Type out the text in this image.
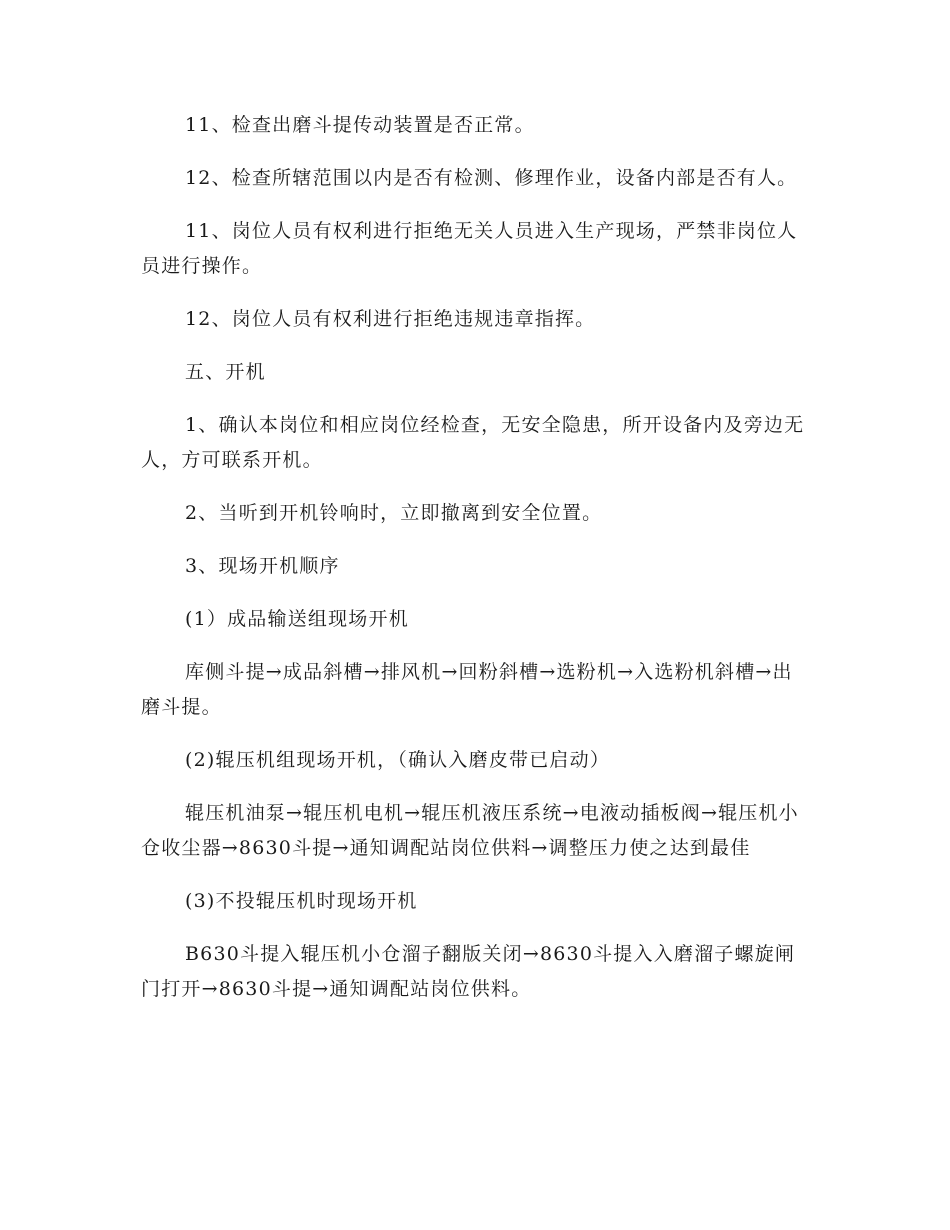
11、检查出磨斗提传动装置是否正常。

12、检查所辖范围以内是否有检测、修理作业，设备内部是否有人。

11、岗位人员有权利进行拒绝无关人员进入生产现场，严禁非岗位人员进行操作。

12、岗位人员有权利进行拒绝违规违章指挥。

五、开机

1、确认本岗位和相应岗位经检查，无安全隐患，所开设备内及旁边无人，方可联系开机。

2、当听到开机铃响时，立即撤离到安全位置。

3、现场开机顺序

(1）成品输送组现场开机

库侧斗提→成品斜槽→排风机→回粉斜槽→选粉机→入选粉机斜槽→出磨斗提。

(2)辊压机组现场开机，（确认入磨皮带已启动）

辊压机油泵→辊压机电机→辊压机液压系统→电液动插板阀→辊压机小仓收尘器→8630斗提→通知调配站岗位供料→调整压力使之达到最佳

(3)不投辊压机时现场开机

B630斗提入辊压机小仓溜子翻版关闭→8630斗提入入磨溜子螺旋闸门打开→8630斗提→通知调配站岗位供料。
